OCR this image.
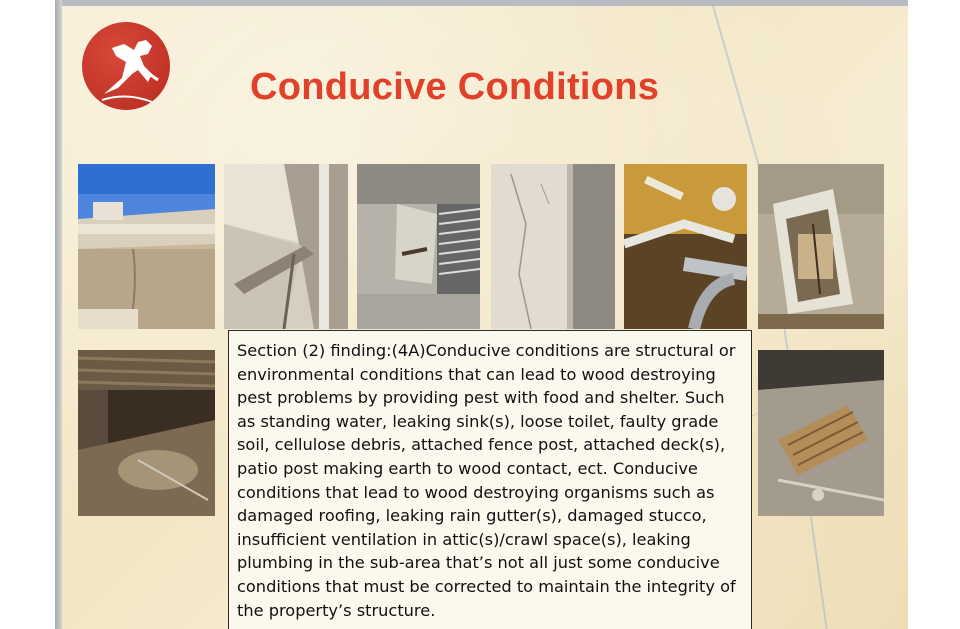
Conducive Conditions

Section (2) finding:(4A)Conducive conditions are structural or environmental conditions that can lead to wood destroying pest problems by providing pest with food and shelter. Such as standing water, leaking sink(s), loose toilet, faulty grade soil, cellulose debris, attached fence post, attached deck(s), patio post making earth to wood contact, ect. Conducive conditions that lead to wood destroying organisms such as damaged roofing, leaking rain gutter(s), damaged stucco, insufficient ventilation in attic(s)/crawl space(s), leaking plumbing in the sub-area that’s not all just some conducive conditions that must be corrected to maintain the integrity of the property’s structure.
